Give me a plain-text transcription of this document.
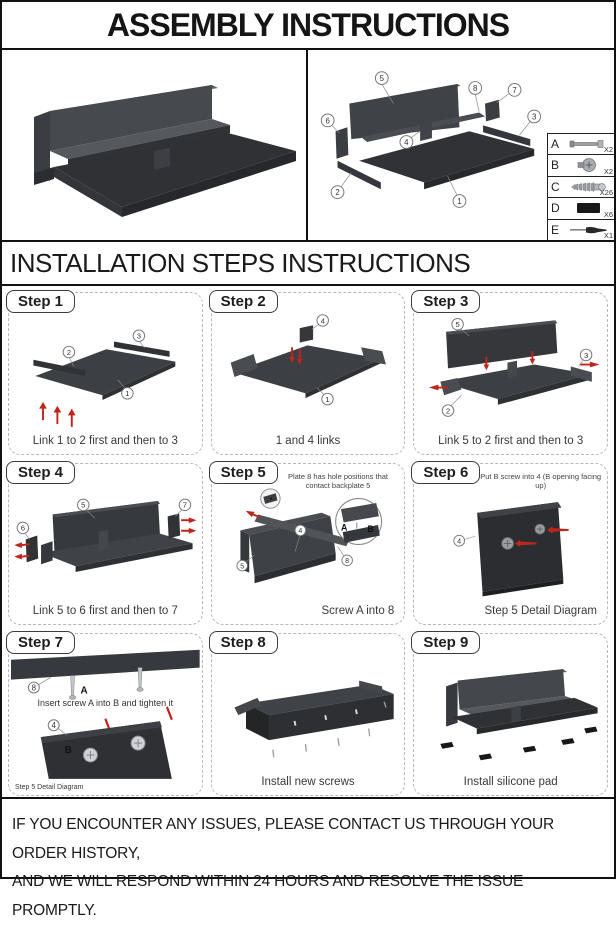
ASSEMBLY INSTRUCTIONS
5
8	7
3
6
4
2
1
A	X2
B	X2
C	X26
D	X6
E	X1
INSTALLATION STEPS INSTRUCTIONS
Step 1
2
3
1
Link 1 to 2 first and then to 3
Step 2
4
1
1 and 4 links
Step 3
5
2
3
Link 5 to 2 first and then to 3
Step 4
5
6
7
Link 5 to 6 first and then to 7
Step 5	Plate 8 has hole positions that contact backplate 5
A B
4
5
8
Screw A into 8
Step 6	Put B screw into 4 (B opening facing up)
4
Step 5 Detail Diagram
Step 7
A
B
8
4
Insert screw A into B and tighten it
Step 5 Detail Diagram
Step 8
Install new screws
Step 9
Install silicone pad
IF YOU ENCOUNTER ANY ISSUES, PLEASE CONTACT US THROUGH YOUR ORDER HISTORY,
AND WE WILL RESPOND WITHIN 24 HOURS AND RESOLVE THE ISSUE PROMPTLY.
